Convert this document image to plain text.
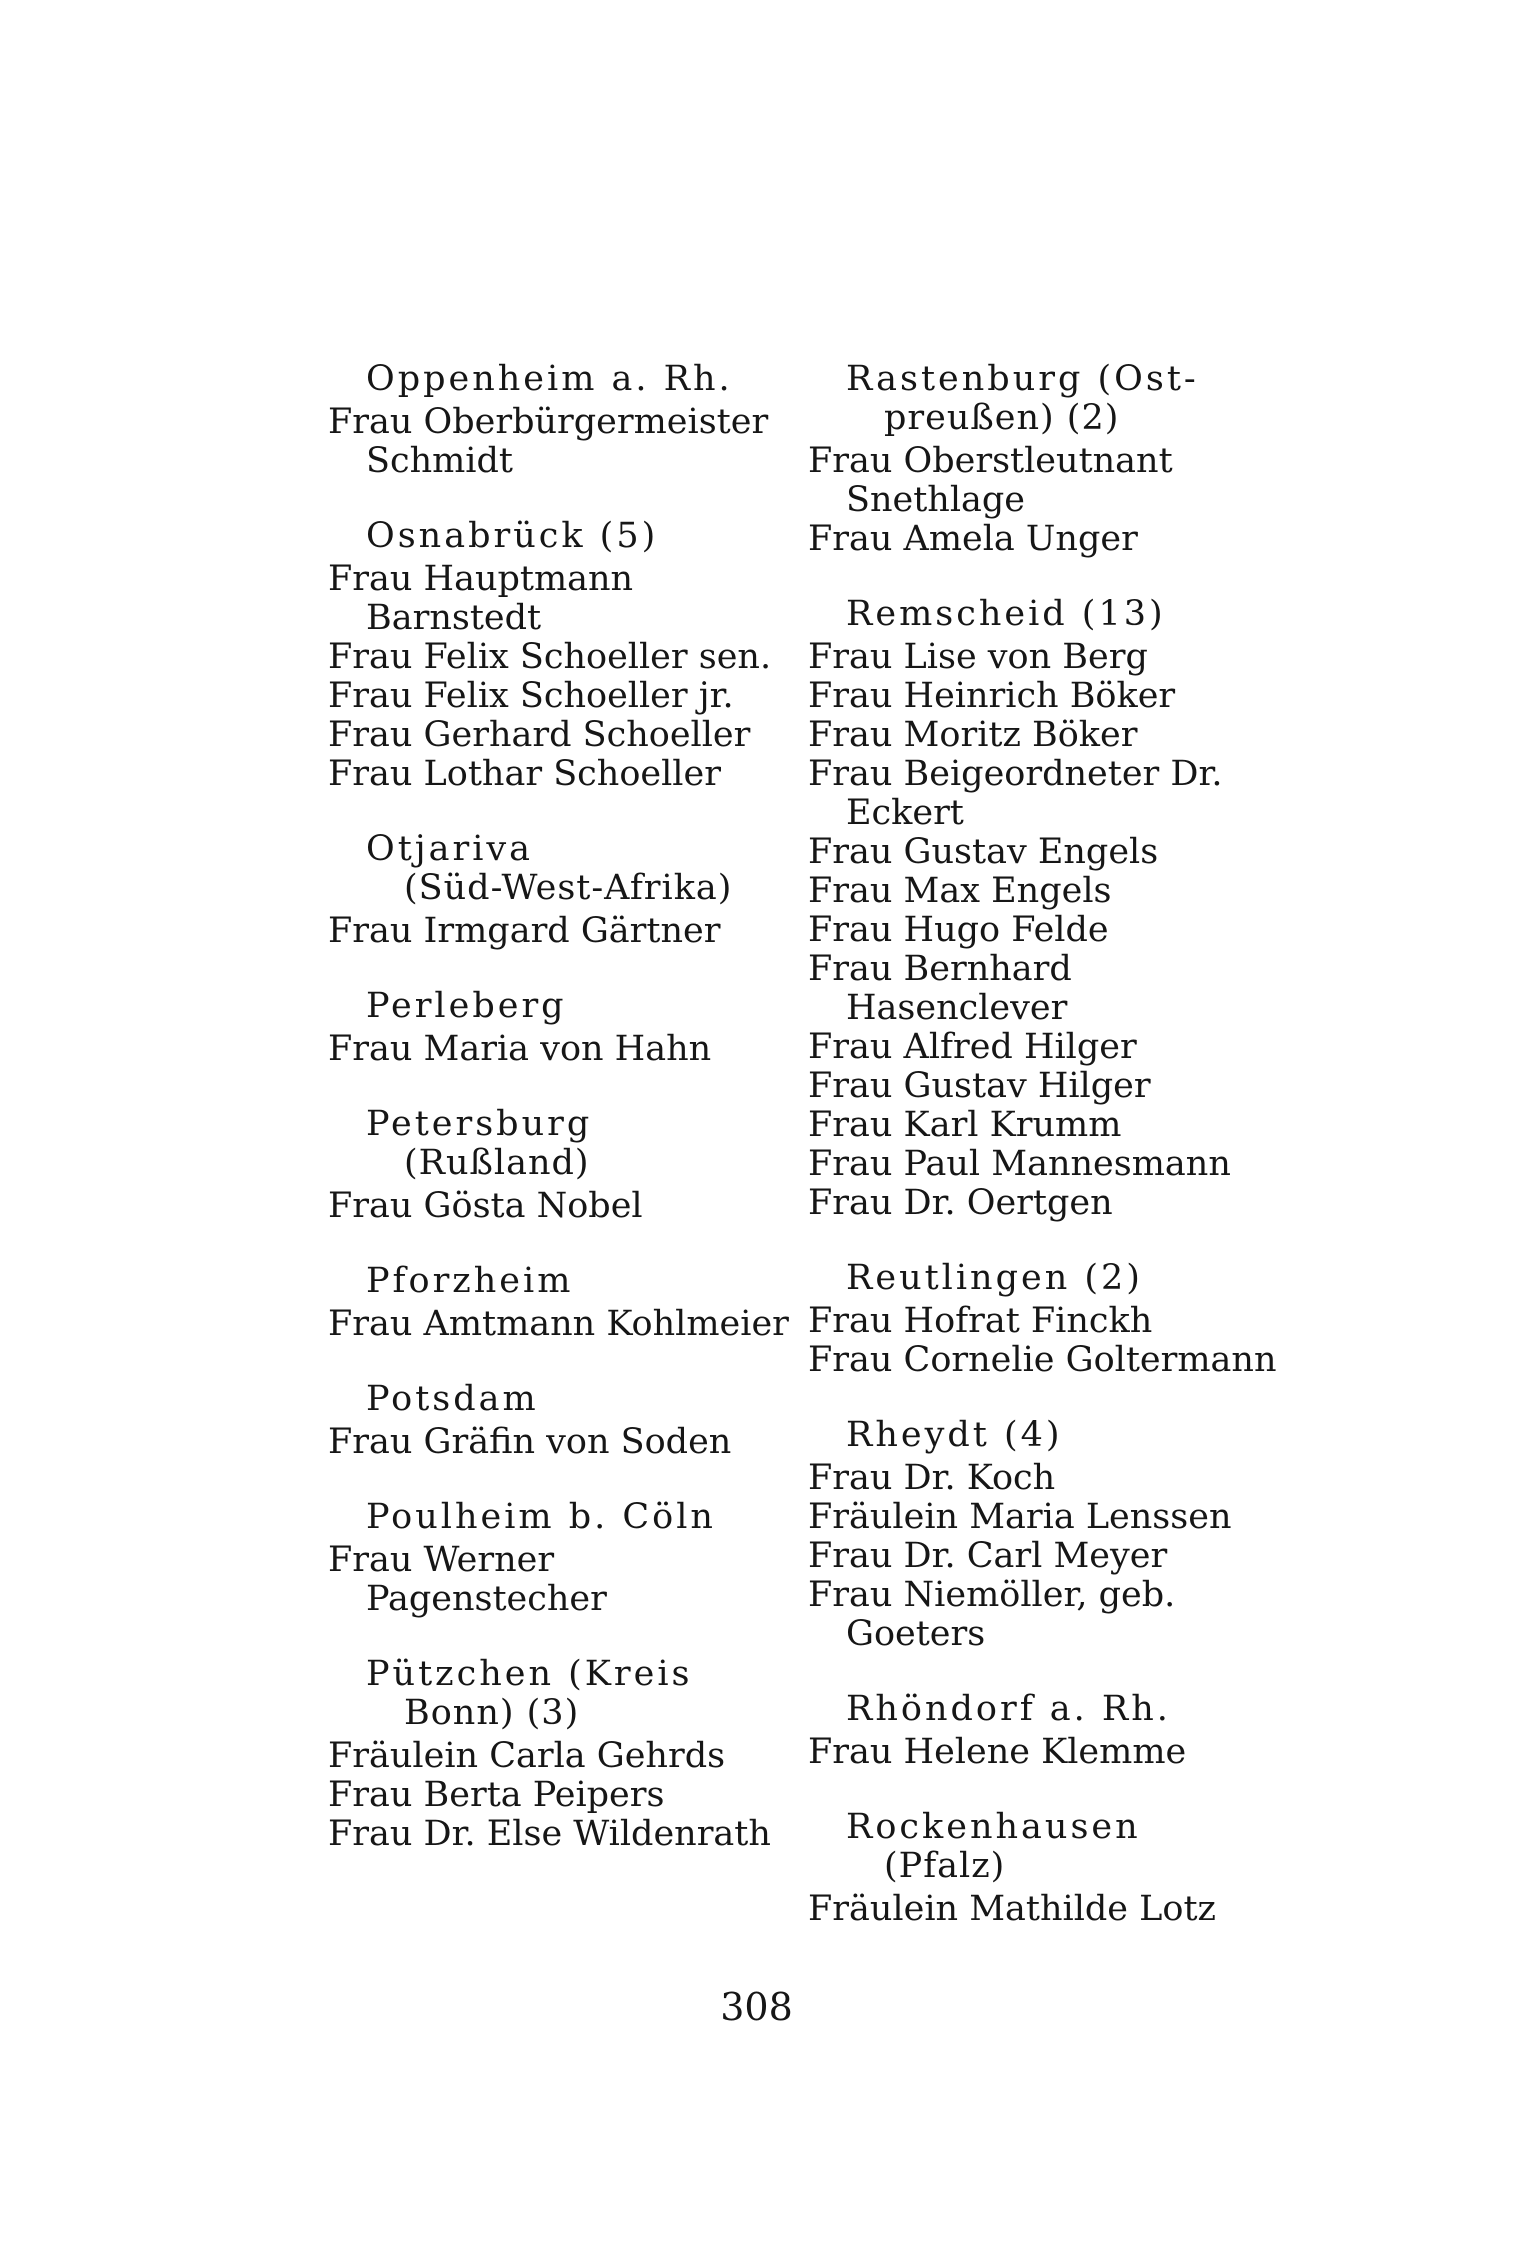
Oppenheim a. Rh.
Frau Oberbürgermeister Schmidt
Osnabrück (5)
Frau Hauptmann Barnstedt
Frau Felix Schoeller sen.
Frau Felix Schoeller jr.
Frau Gerhard Schoeller
Frau Lothar Schoeller
Otjariva
(Süd-West-Afrika)
Frau Irmgard Gärtner
Perleberg
Frau Maria von Hahn
Petersburg
(Rußland)
Frau Gösta Nobel
Pforzheim
Frau Amtmann Kohlmeier
Potsdam
Frau Gräfin von Soden
Poulheim b. Cöln
Frau Werner Pagenstecher
Pützchen (Kreis
Bonn) (3)
Fräulein Carla Gehrds
Frau Berta Peipers
Frau Dr. Else Wildenrath
Rastenburg (Ost-
preußen) (2)
Frau Oberstleutnant Snethlage
Frau Amela Unger
Remscheid (13)
Frau Lise von Berg
Frau Heinrich Böker
Frau Moritz Böker
Frau Beigeordneter Dr. Eckert
Frau Gustav Engels
Frau Max Engels
Frau Hugo Felde
Frau Bernhard Hasenclever
Frau Alfred Hilger
Frau Gustav Hilger
Frau Karl Krumm
Frau Paul Mannesmann
Frau Dr. Oertgen
Reutlingen (2)
Frau Hofrat Finckh
Frau Cornelie Goltermann
Rheydt (4)
Frau Dr. Koch
Fräulein Maria Lenssen
Frau Dr. Carl Meyer
Frau Niemöller, geb. Goeters
Rhöndorf a. Rh.
Frau Helene Klemme
Rockenhausen
(Pfalz)
Fräulein Mathilde Lotz
308
